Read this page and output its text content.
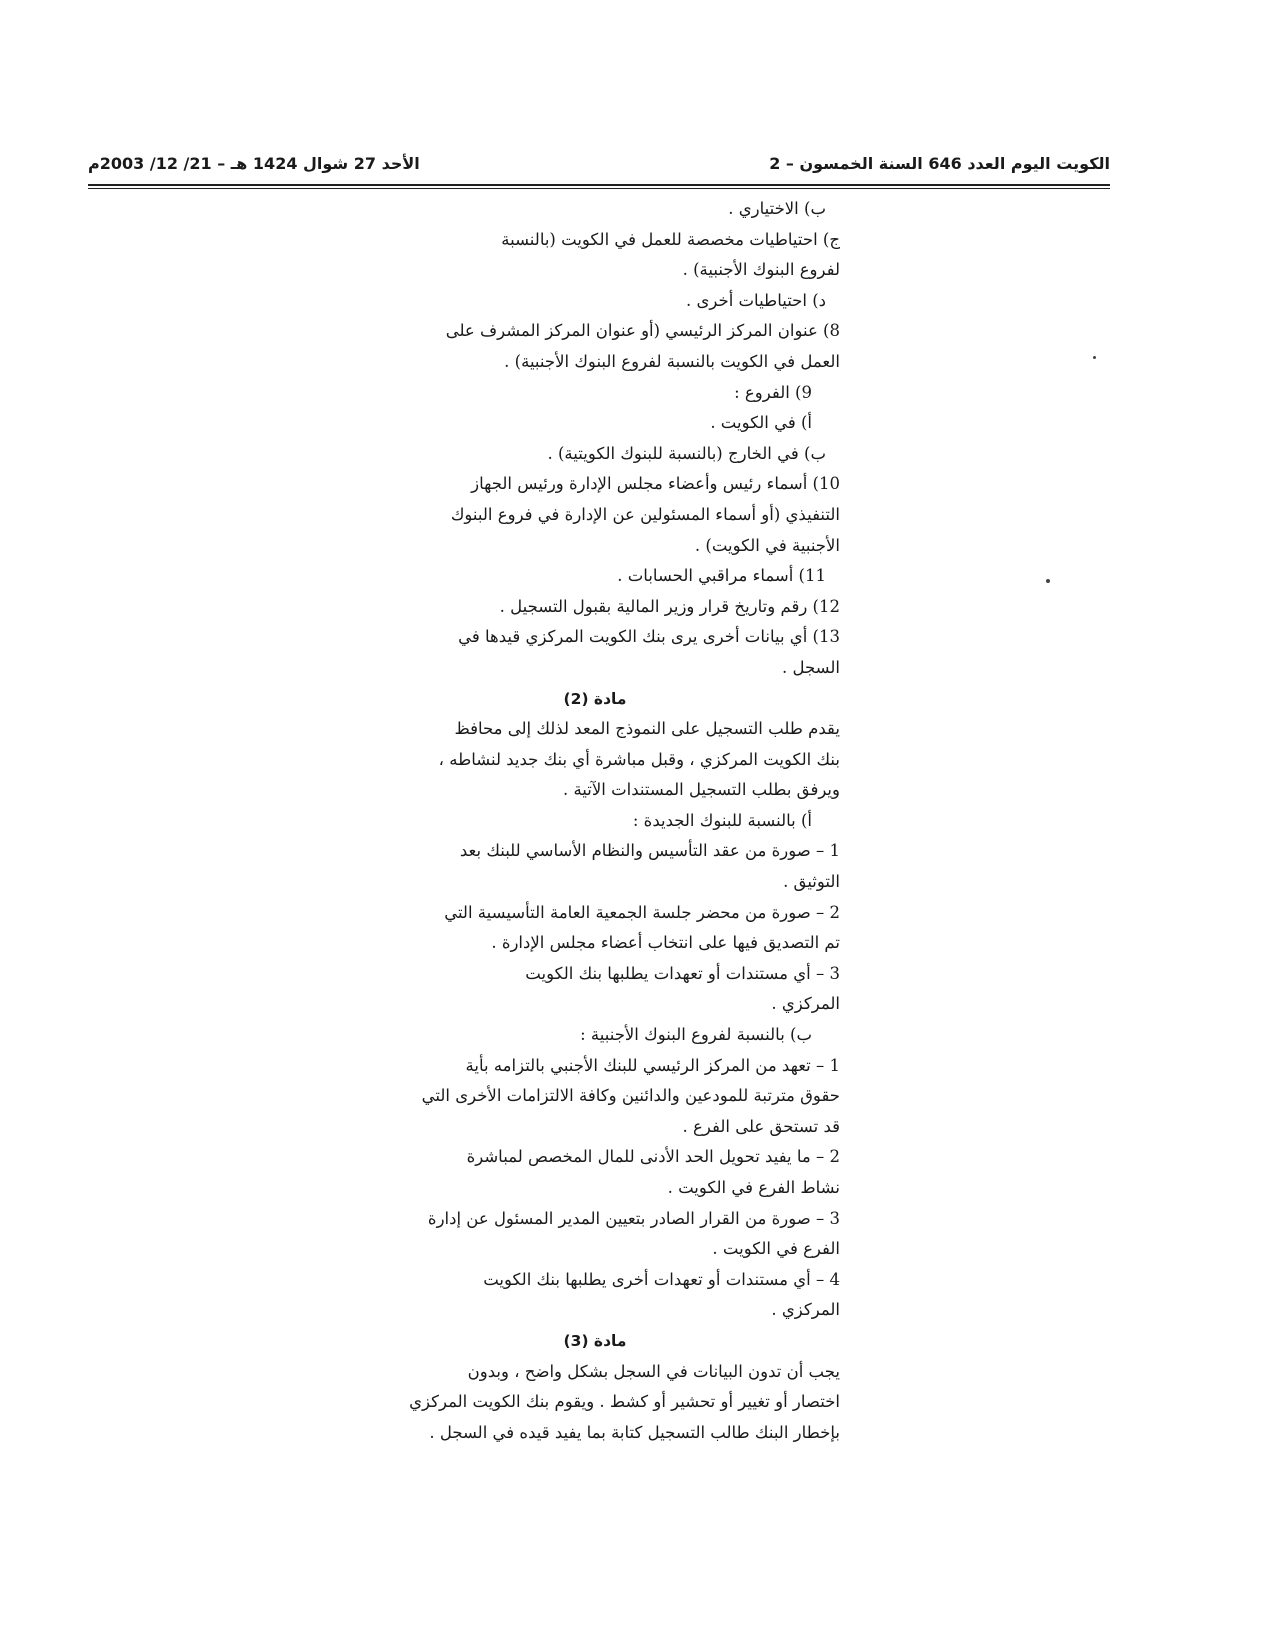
الكويت اليوم العدد 646 السنة الخمسون – 2
الأحد 27 شوال 1424 هـ – 21/ 12/ 2003م

ب) الاختياري .

ج) احتياطيات مخصصة للعمل في الكويت (بالنسبة

لفروع البنوك الأجنبية) .

د) احتياطيات أخرى .

8) عنوان المركز الرئيسي (أو عنوان المركز المشرف على

العمل في الكويت بالنسبة لفروع البنوك الأجنبية) .

9) الفروع :

أ) في الكويت .

ب) في الخارج (بالنسبة للبنوك الكويتية) .

10) أسماء رئيس وأعضاء مجلس الإدارة ورئيس الجهاز

التنفيذي (أو أسماء المسئولين عن الإدارة في فروع البنوك

الأجنبية في الكويت) .

11) أسماء مراقبي الحسابات .

12) رقم وتاريخ قرار وزير المالية بقبول التسجيل .

13) أي بيانات أخرى يرى بنك الكويت المركزي قيدها في

السجل .

مادة (2)

يقدم طلب التسجيل على النموذج المعد لذلك إلى محافظ

بنك الكويت المركزي ، وقبل مباشرة أي بنك جديد لنشاطه ،

ويرفق بطلب التسجيل المستندات الآتية .

أ) بالنسبة للبنوك الجديدة :

1 – صورة من عقد التأسيس والنظام الأساسي للبنك بعد

التوثيق .

2 – صورة من محضر جلسة الجمعية العامة التأسيسية التي

تم التصديق فيها على انتخاب أعضاء مجلس الإدارة .

3 – أي مستندات أو تعهدات يطلبها بنك الكويت

المركزي .

ب) بالنسبة لفروع البنوك الأجنبية :

1 – تعهد من المركز الرئيسي للبنك الأجنبي بالتزامه بأية

حقوق مترتبة للمودعين والدائنين وكافة الالتزامات الأخرى التي

قد تستحق على الفرع .

2 – ما يفيد تحويل الحد الأدنى للمال المخصص لمباشرة

نشاط الفرع في الكويت .

3 – صورة من القرار الصادر بتعيين المدير المسئول عن إدارة

الفرع في الكويت .

4 – أي مستندات أو تعهدات أخرى يطلبها بنك الكويت

المركزي .

مادة (3)

يجب أن تدون البيانات في السجل بشكل واضح ، وبدون

اختصار أو تغيير أو تحشير أو كشط . ويقوم بنك الكويت المركزي

بإخطار البنك طالب التسجيل كتابة بما يفيد قيده في السجل .
